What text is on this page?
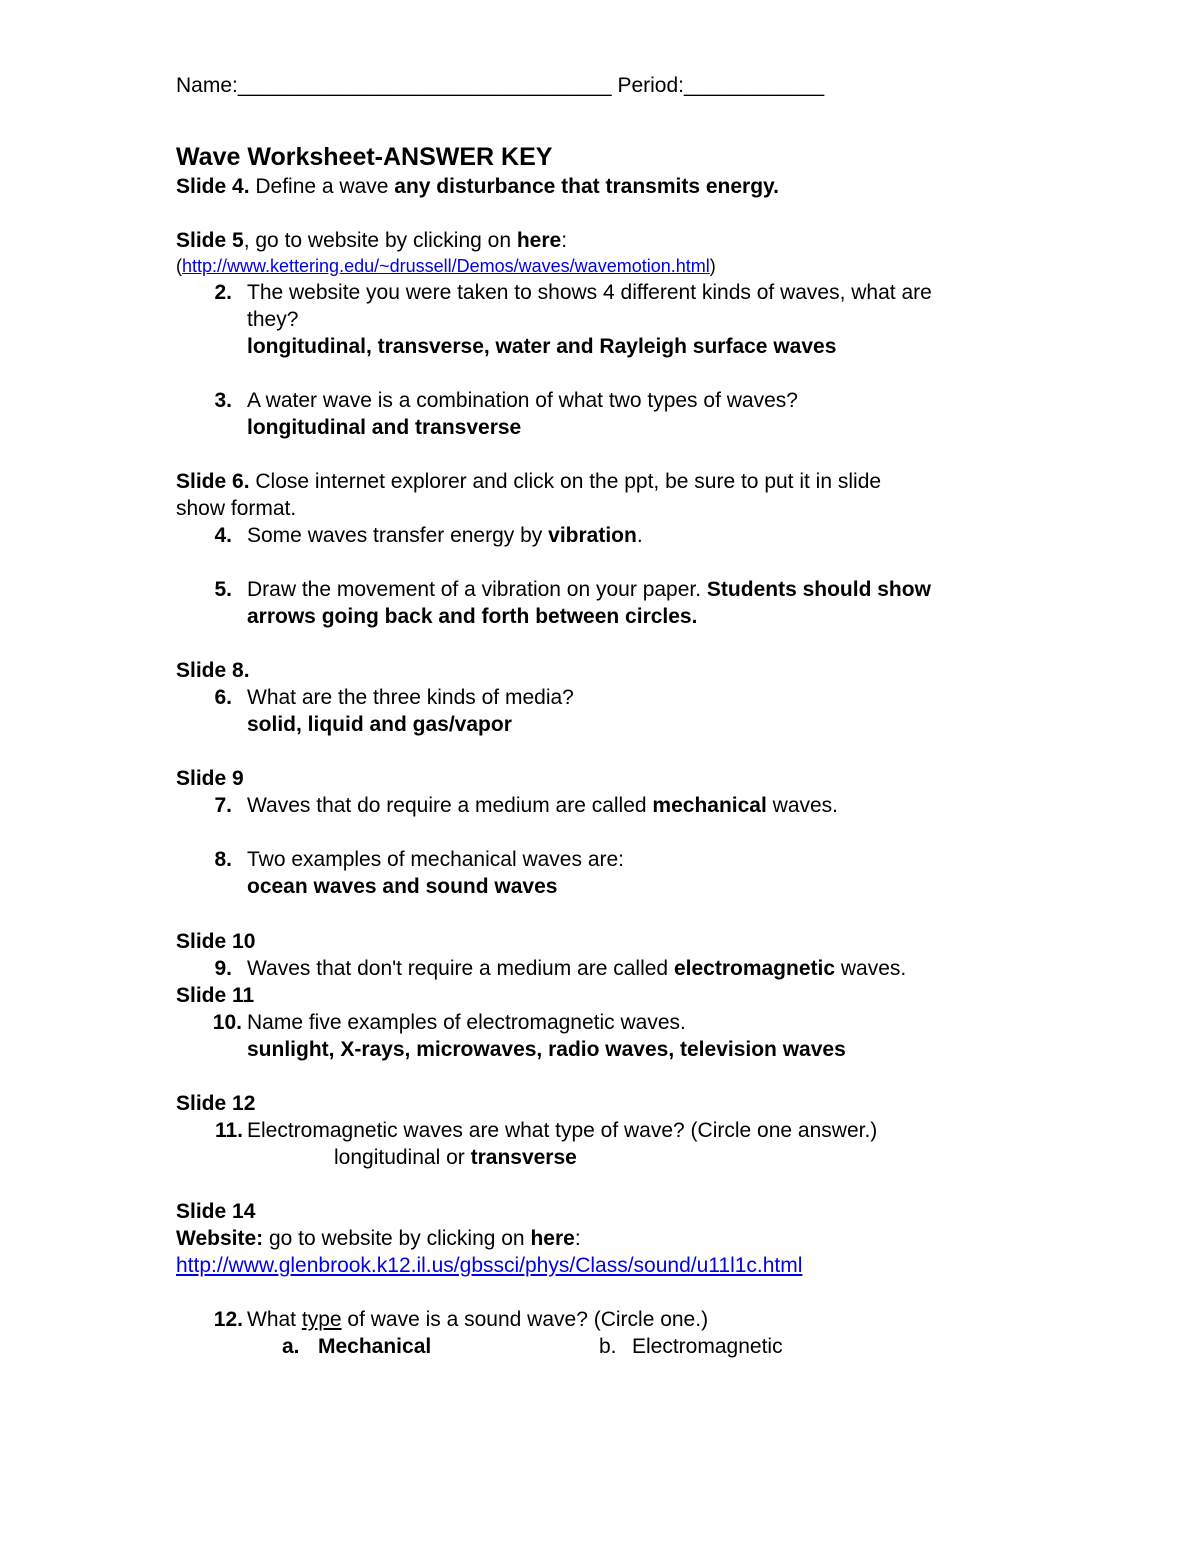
Name:________________________________ Period:____________
Wave Worksheet-ANSWER KEY
Slide 4. Define a wave any disturbance that transmits energy.
Slide 5, go to website by clicking on here:
(http://www.kettering.edu/~drussell/Demos/waves/wavemotion.html)
2. The website you were taken to shows 4 different kinds of waves, what are
they?
longitudinal, transverse, water and Rayleigh surface waves
3. A water wave is a combination of what two types of waves?
longitudinal and transverse
Slide 6. Close internet explorer and click on the ppt, be sure to put it in slide
show format.
4. Some waves transfer energy by vibration.
5. Draw the movement of a vibration on your paper. Students should show
arrows going back and forth between circles.
Slide 8.
6. What are the three kinds of media?
solid, liquid and gas/vapor
Slide 9
7. Waves that do require a medium are called mechanical waves.
8. Two examples of mechanical waves are:
ocean waves and sound waves
Slide 10
9. Waves that don't require a medium are called electromagnetic waves.
Slide 11
10. Name five examples of electromagnetic waves.
sunlight, X-rays, microwaves, radio waves, television waves
Slide 12
11. Electromagnetic waves are what type of wave? (Circle one answer.)
longitudinal or transverse
Slide 14
Website: go to website by clicking on here:
http://www.glenbrook.k12.il.us/gbssci/phys/Class/sound/u11l1c.html
12. What type of wave is a sound wave? (Circle one.)
a. Mechanical	b. Electromagnetic
